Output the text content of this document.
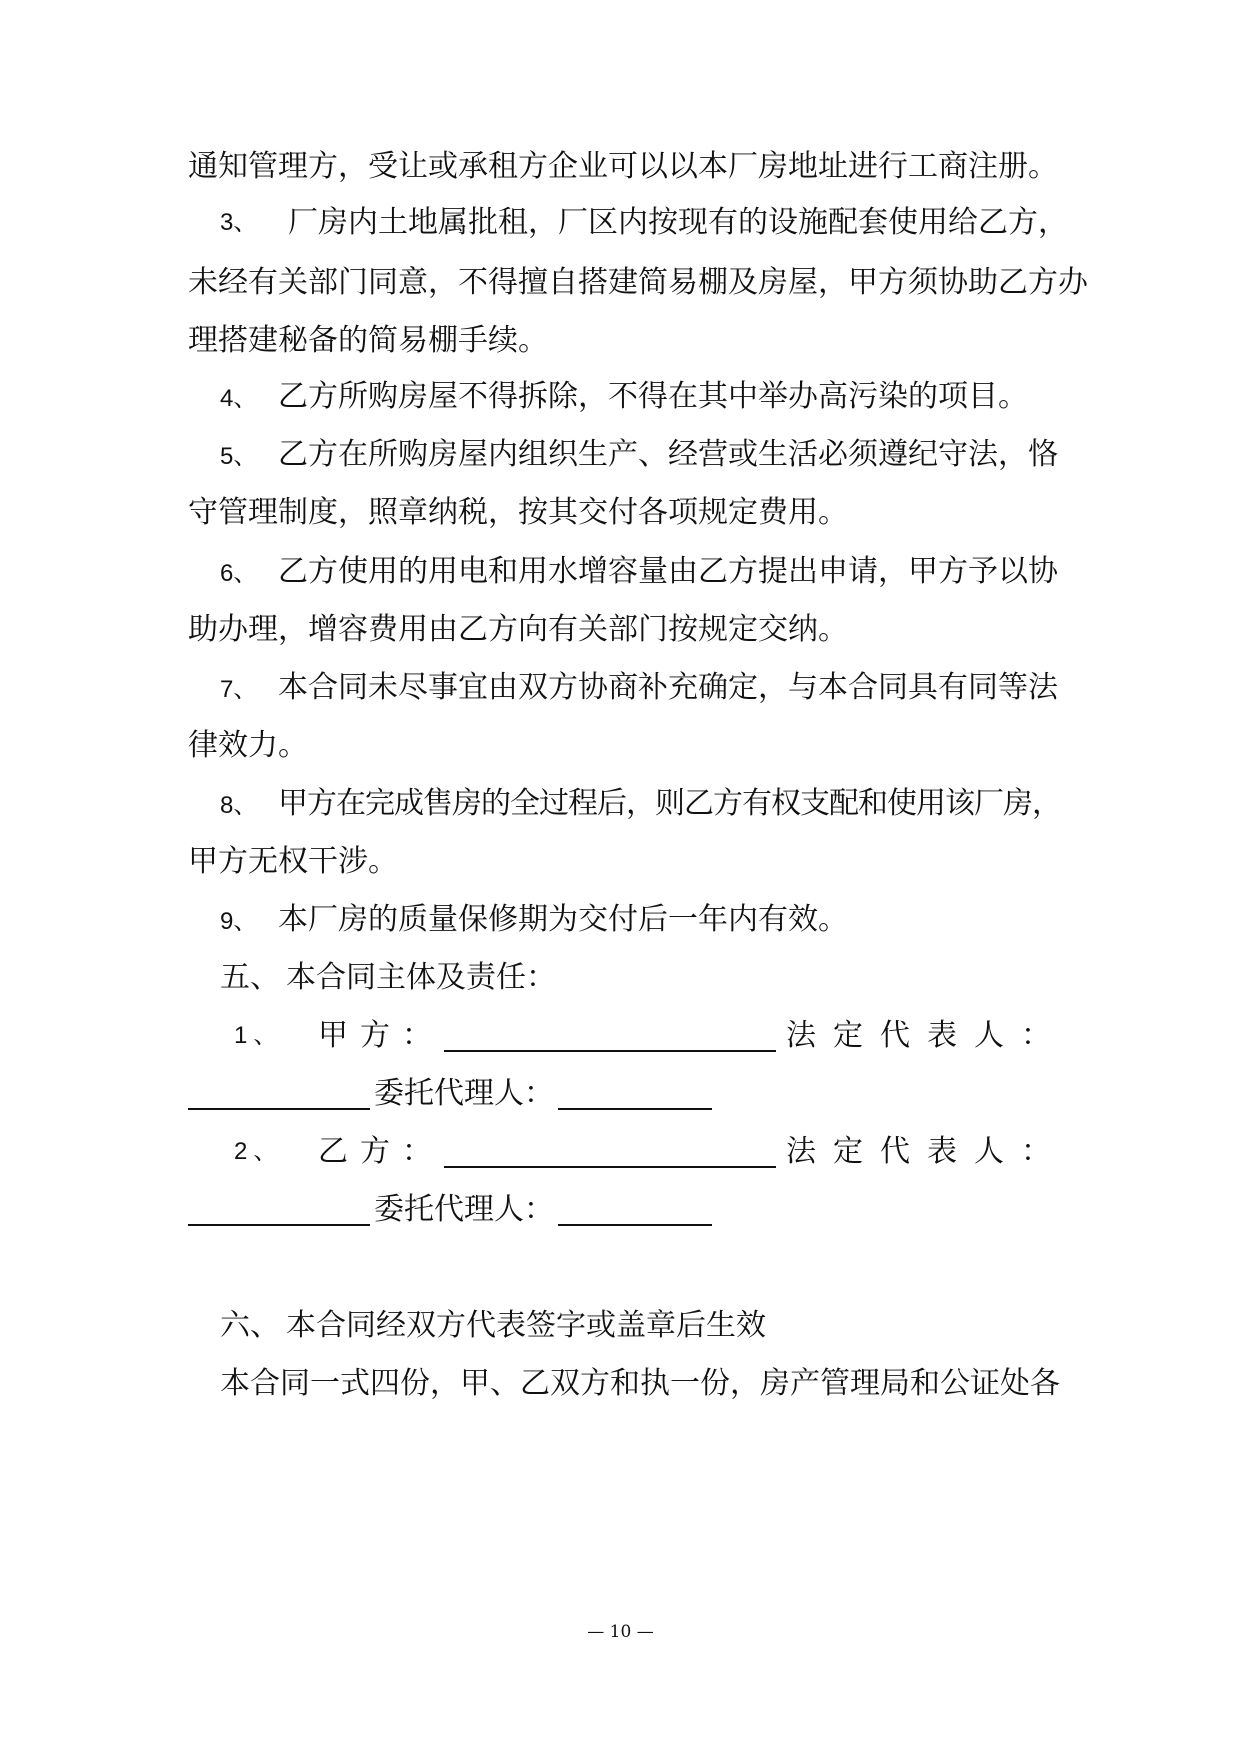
通知管理方，受让或承租方企业可以以本厂房地址进行工商注册。
3、	厂房内土地属批租，厂区内按现有的设施配套使用给乙方，
未经有关部门同意，不得擅自搭建简易棚及房屋，甲方须协助乙方办
理搭建秘备的简易棚手续。
4、 乙方所购房屋不得拆除，不得在其中举办高污染的项目。
5、 乙方在所购房屋内组织生产、经营或生活必须遵纪守法，恪
守管理制度，照章纳税，按其交付各项规定费用。
6、 乙方使用的用电和用水增容量由乙方提出申请，甲方予以协
助办理，增容费用由乙方向有关部门按规定交纳。
7、 本合同未尽事宜由双方协商补充确定，与本合同具有同等法
律效力。
8、 甲方在完成售房的全过程后，则乙方有权支配和使用该厂房，
甲方无权干涉。
9、 本厂房的质量保修期为交付后一年内有效。
五、 本合同主体及责任：
1、	甲方：	法定代表人：
委托代理人：
2、	乙方：	法定代表人：
委托代理人：
六、 本合同经双方代表签字或盖章后生效
本合同一式四份，甲、乙双方和执一份，房产管理局和公证处各
— 10 —
